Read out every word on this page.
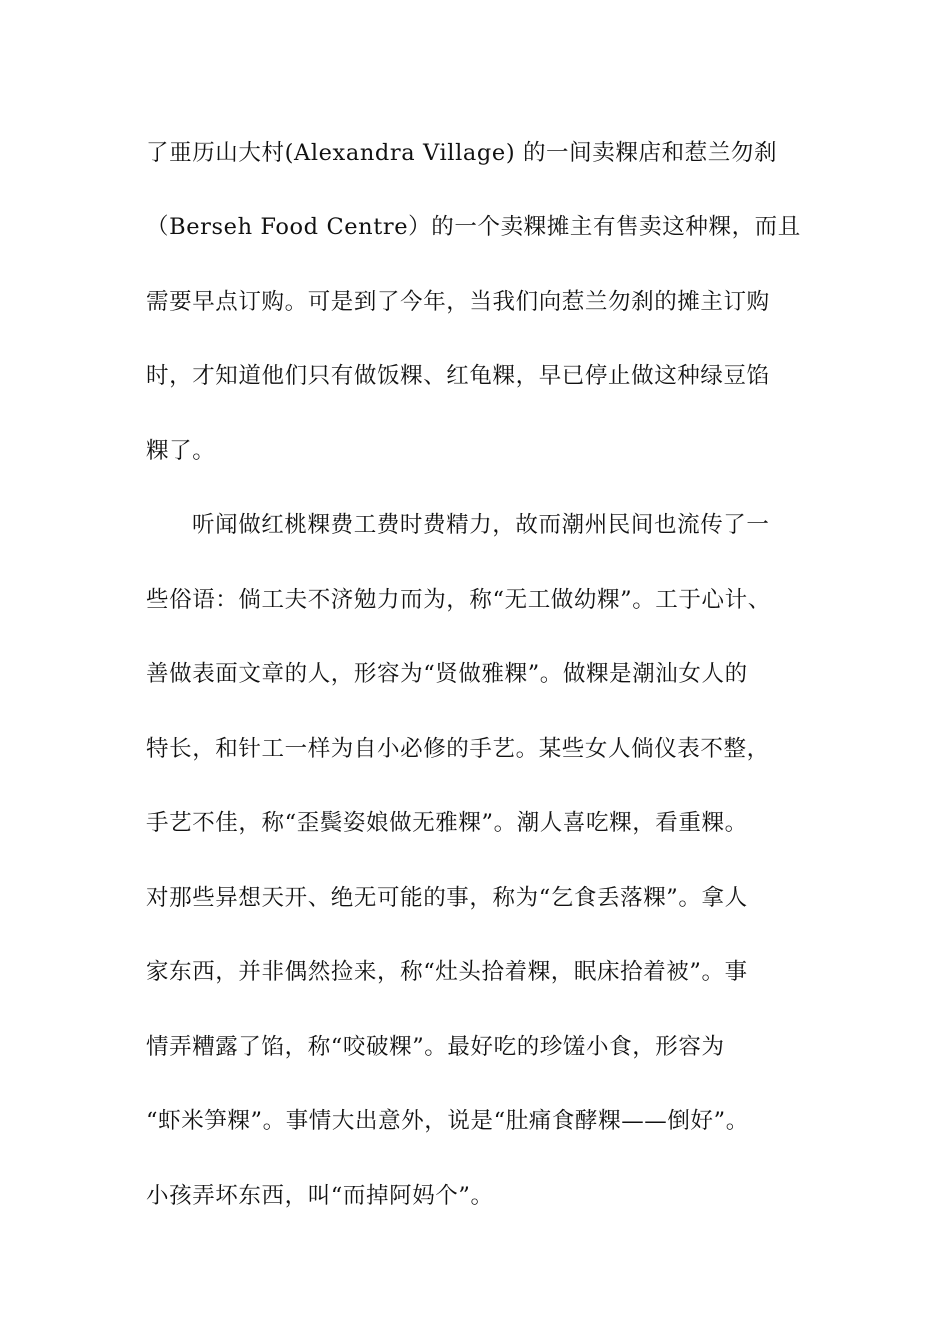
了亜历山大村(Alexandra Village) 的一间卖粿店和惹兰勿刹
（Berseh Food Centre）的一个卖粿摊主有售卖这种粿，而且
需要早点订购。可是到了今年，当我们向惹兰勿刹的摊主订购
时，才知道他们只有做饭粿、红龟粿，早已停止做这种绿豆馅
粿了。
听闻做红桃粿费工费时费精力，故而潮州民间也流传了一
些俗语：倘工夫不济勉力而为，称“无工做幼粿”。工于心计、
善做表面文章的人，形容为“贤做雅粿”。做粿是潮汕女人的
特长，和针工一样为自小必修的手艺。某些女人倘仪表不整，
手艺不佳，称“歪鬓姿娘做无雅粿”。潮人喜吃粿，看重粿。
对那些异想天开、绝无可能的事，称为“乞食丢落粿”。拿人
家东西，并非偶然捡来，称“灶头拾着粿，眠床拾着被”。事
情弄糟露了馅，称“咬破粿”。最好吃的珍馐小食，形容为
“虾米笋粿”。事情大出意外，说是“肚痛食酵粿——倒好”。
小孩弄坏东西，叫“而掉阿妈个”。
